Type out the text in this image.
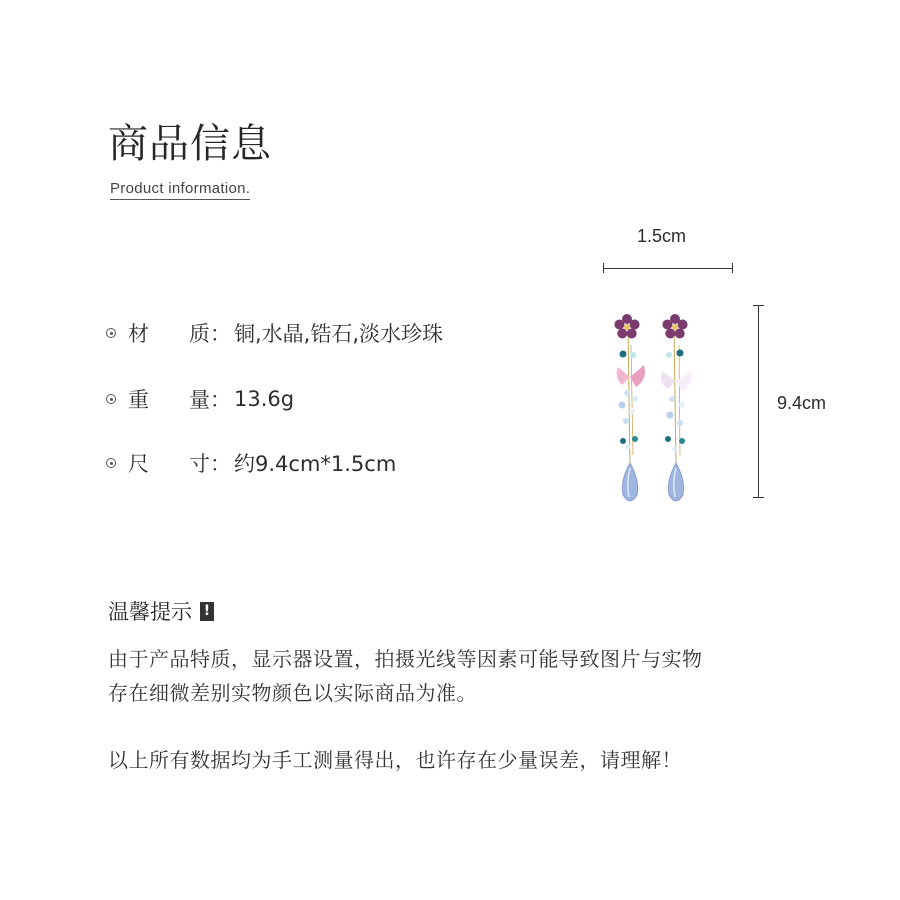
商品信息
Product information.
材 质 ： 铜,水晶,锆石,淡水珍珠
重 量 ： 13.6g
尺 寸 ： 约9.4cm*1.5cm
1.5cm
9.4cm
温馨提示 !

由于产品特质，显示器设置，拍摄光线等因素可能导致图片与实物

存在细微差别实物颜色以实际商品为准。

以上所有数据均为手工测量得出，也许存在少量误差，请理解！
